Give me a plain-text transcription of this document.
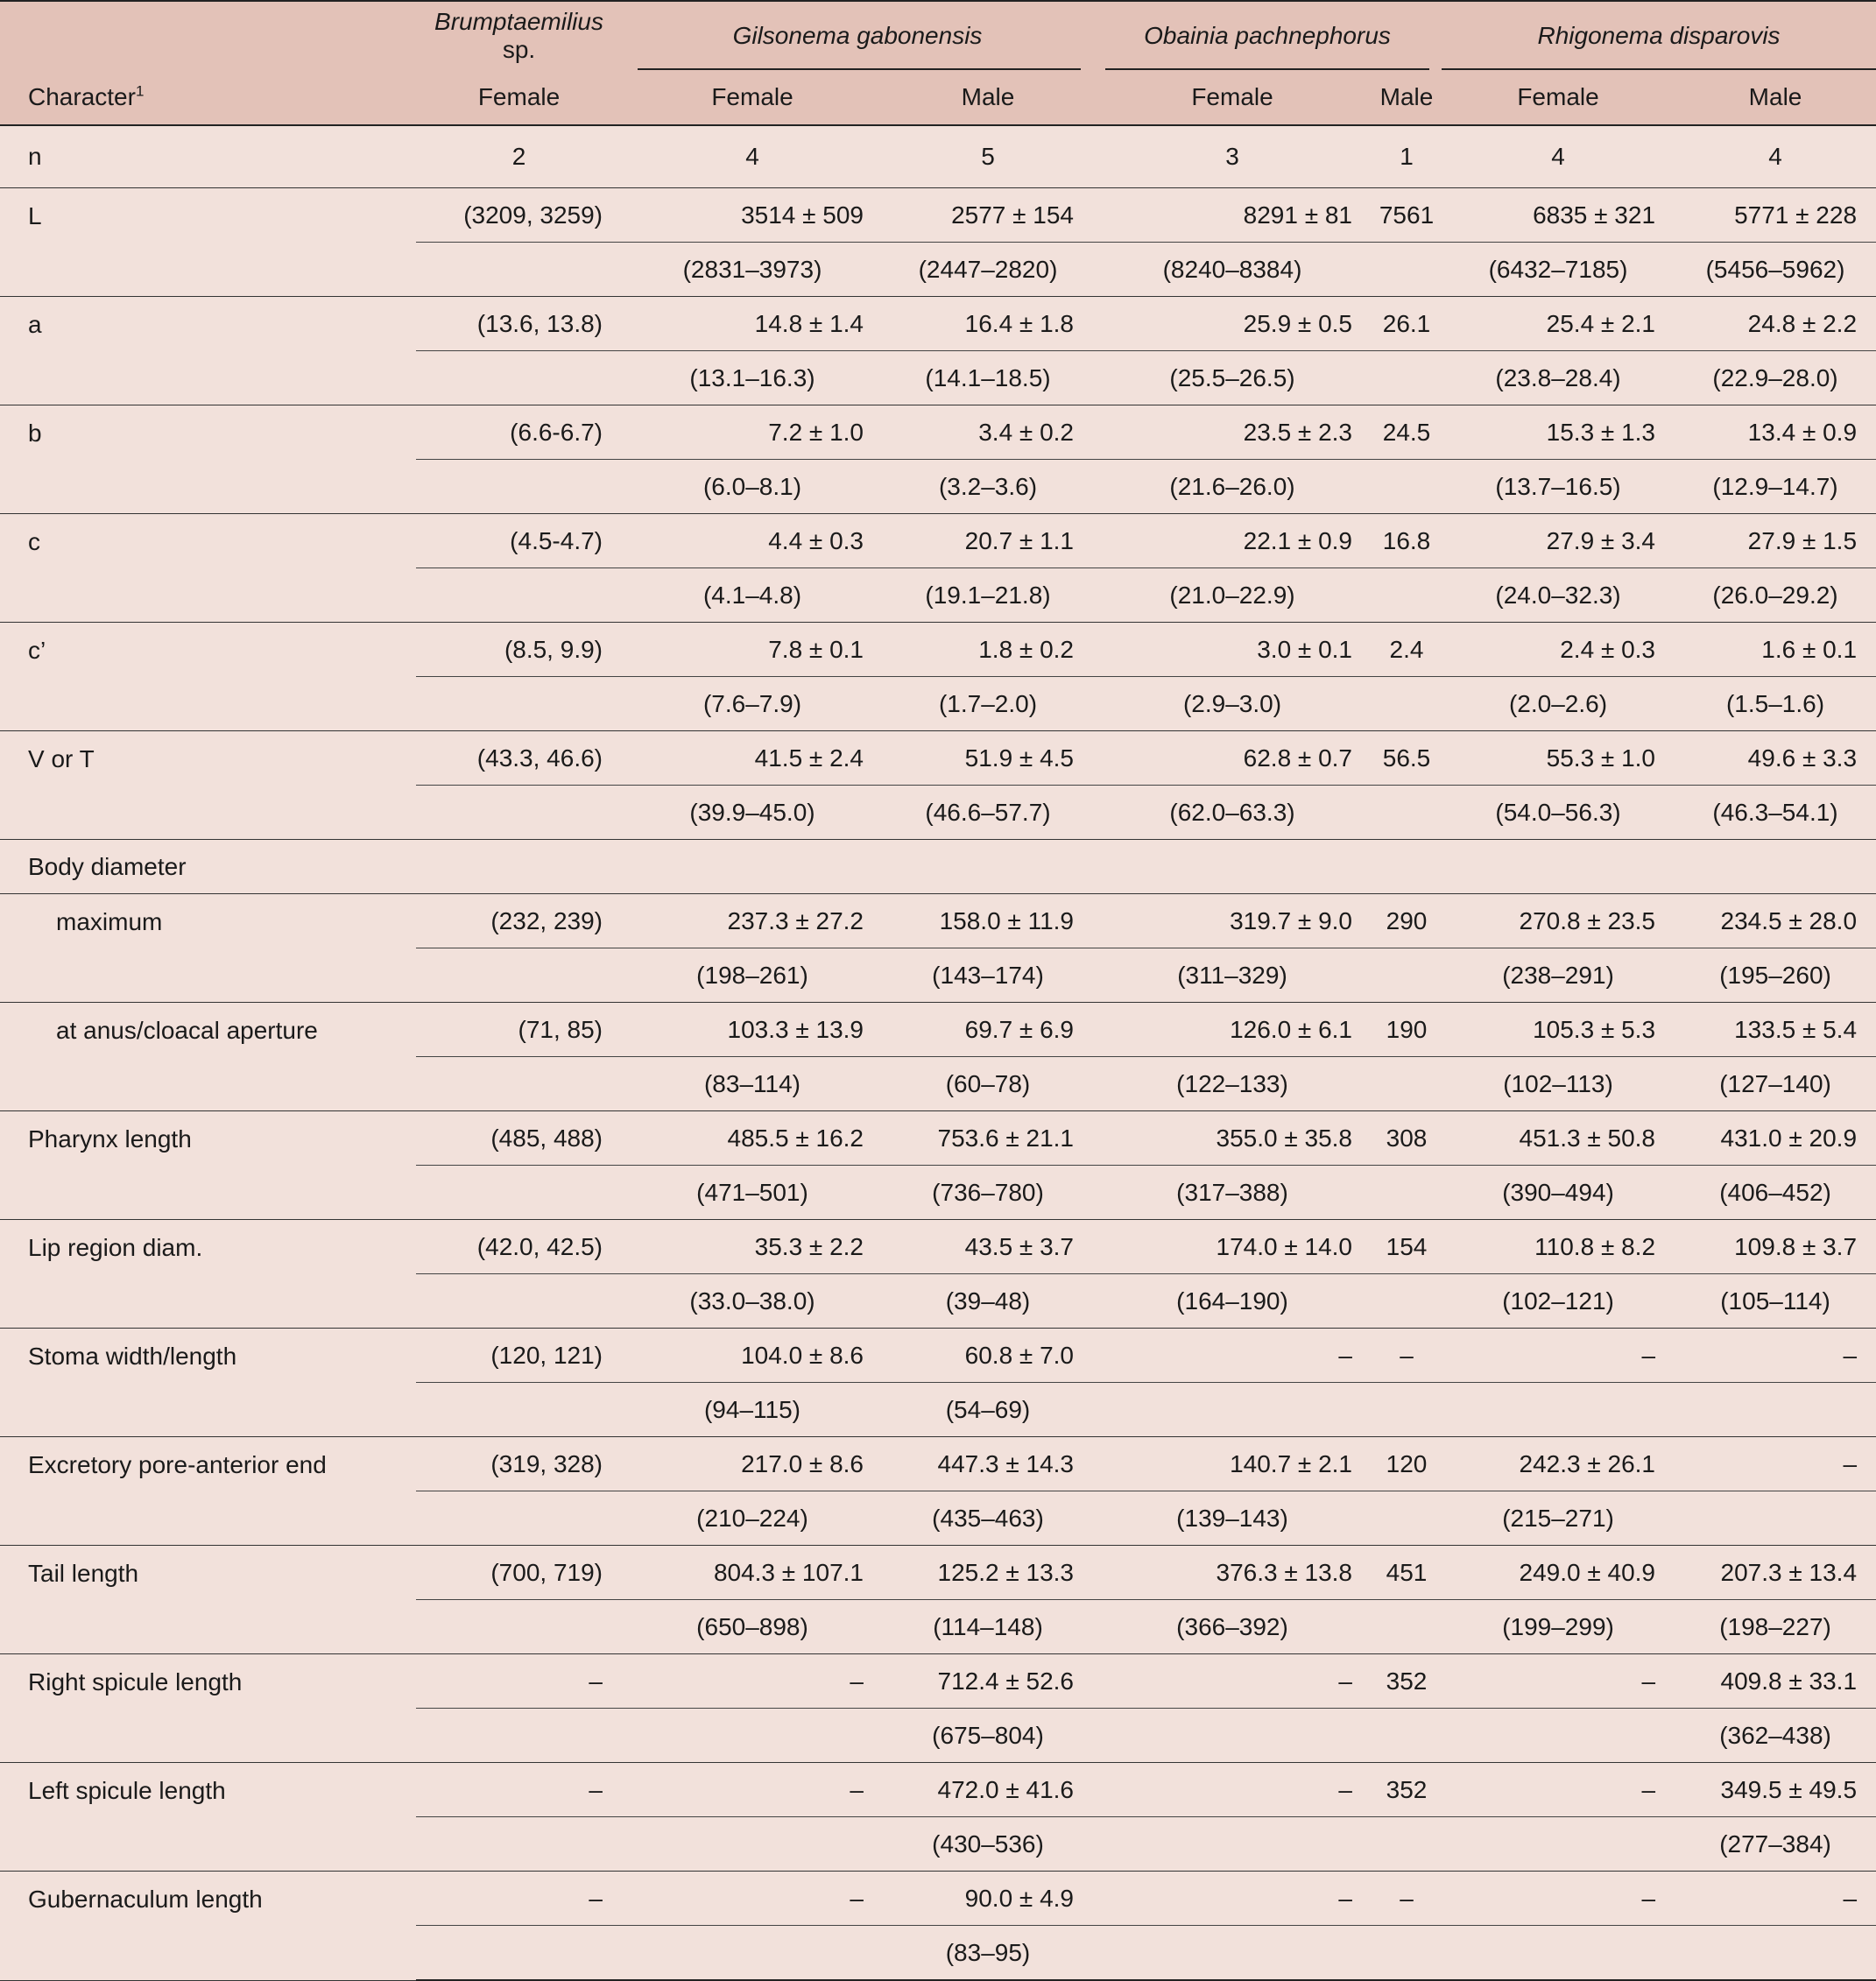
	Brumptaemilius sp.	Gilsonema gabonensis		Obainia pachnephorus		Rhigonema disparovis	

Character$^1$	Female	Female	Male	Female	Male	Female	Male
n	2	4	5	3	1	4	4
L	(3209, 3259)	3514 ± 509	2577 ± 154	8291 ± 81	7561	6835 ± 321	5771 ± 228
		(2831–3973)	(2447–2820)	(8240–8384)		(6432–7185)	(5456–5962)
a	(13.6, 13.8)	14.8 ± 1.4	16.4 ± 1.8	25.9 ± 0.5	26.1	25.4 ± 2.1	24.8 ± 2.2
		(13.1–16.3)	(14.1–18.5)	(25.5–26.5)		(23.8–28.4)	(22.9–28.0)
b	(6.6-6.7)	7.2 ± 1.0	3.4 ± 0.2	23.5 ± 2.3	24.5	15.3 ± 1.3	13.4 ± 0.9
		(6.0–8.1)	(3.2–3.6)	(21.6–26.0)		(13.7–16.5)	(12.9–14.7)
c	(4.5-4.7)	4.4 ± 0.3	20.7 ± 1.1	22.1 ± 0.9	16.8	27.9 ± 3.4	27.9 ± 1.5
		(4.1–4.8)	(19.1–21.8)	(21.0–22.9)		(24.0–32.3)	(26.0–29.2)
c’	(8.5, 9.9)	7.8 ± 0.1	1.8 ± 0.2	3.0 ± 0.1	2.4	2.4 ± 0.3	1.6 ± 0.1
		(7.6–7.9)	(1.7–2.0)	(2.9–3.0)		(2.0–2.6)	(1.5–1.6)
V or T	(43.3, 46.6)	41.5 ± 2.4	51.9 ± 4.5	62.8 ± 0.7	56.5	55.3 ± 1.0	49.6 ± 3.3
		(39.9–45.0)	(46.6–57.7)	(62.0–63.3)		(54.0–56.3)	(46.3–54.1)
Body diameter							
maximum	(232, 239)	237.3 ± 27.2	158.0 ± 11.9	319.7 ± 9.0	290	270.8 ± 23.5	234.5 ± 28.0
		(198–261)	(143–174)	(311–329)		(238–291)	(195–260)
at anus/cloacal aperture	(71, 85)	103.3 ± 13.9	69.7 ± 6.9	126.0 ± 6.1	190	105.3 ± 5.3	133.5 ± 5.4
		(83–114)	(60–78)	(122–133)		(102–113)	(127–140)
Pharynx length	(485, 488)	485.5 ± 16.2	753.6 ± 21.1	355.0 ± 35.8	308	451.3 ± 50.8	431.0 ± 20.9
		(471–501)	(736–780)	(317–388)		(390–494)	(406–452)
Lip region diam.	(42.0, 42.5)	35.3 ± 2.2	43.5 ± 3.7	174.0 ± 14.0	154	110.8 ± 8.2	109.8 ± 3.7
		(33.0–38.0)	(39–48)	(164–190)		(102–121)	(105–114)
Stoma width/length	(120, 121)	104.0 ± 8.6	60.8 ± 7.0	–	–	–	–
		(94–115)	(54–69)				
Excretory pore-anterior end	(319, 328)	217.0 ± 8.6	447.3 ± 14.3	140.7 ± 2.1	120	242.3 ± 26.1	–
		(210–224)	(435–463)	(139–143)		(215–271)	
Tail length	(700, 719)	804.3 ± 107.1	125.2 ± 13.3	376.3 ± 13.8	451	249.0 ± 40.9	207.3 ± 13.4
		(650–898)	(114–148)	(366–392)		(199–299)	(198–227)
Right spicule length	–	–	712.4 ± 52.6	–	352	–	409.8 ± 33.1
			(675–804)				(362–438)
Left spicule length	–	–	472.0 ± 41.6	–	352	–	349.5 ± 49.5
			(430–536)				(277–384)
Gubernaculum length	–	–	90.0 ± 4.9	–	–	–	–
			(83–95)				
